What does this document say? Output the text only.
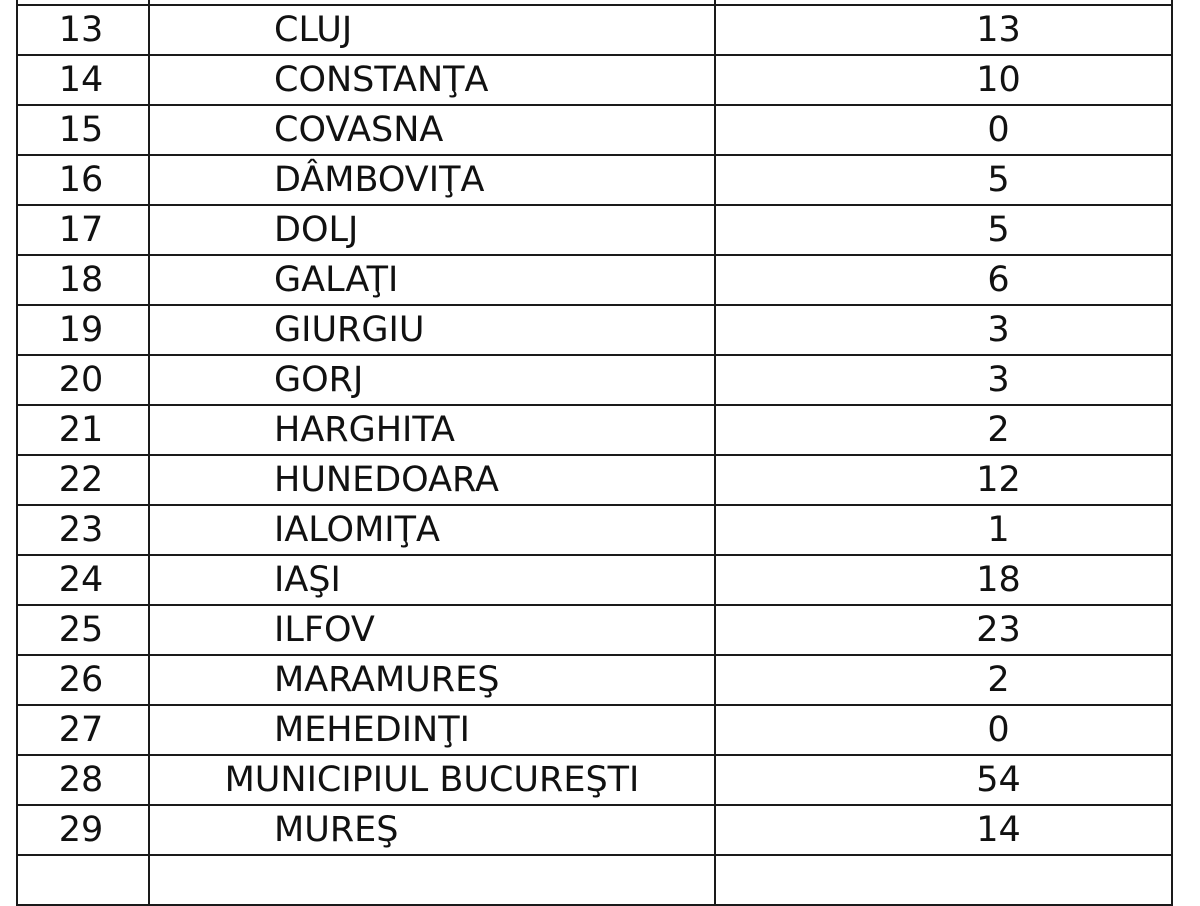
13	CLUJ	13
14	CONSTANŢA	10
15	COVASNA	0
16	DÂMBOVIŢA	5
17	DOLJ	5
18	GALAŢI	6
19	GIURGIU	3
20	GORJ	3
21	HARGHITA	2
22	HUNEDOARA	12
23	IALOMIŢA	1
24	IAŞI	18
25	ILFOV	23
26	MARAMUREŞ	2
27	MEHEDINŢI	0
28	MUNICIPIUL BUCUREŞTI	54
29	MUREŞ	14
